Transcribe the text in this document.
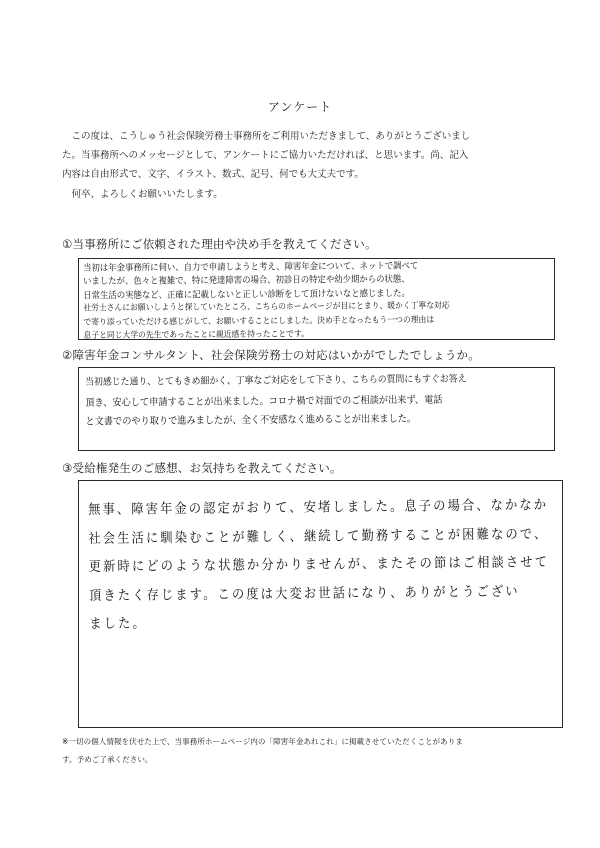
アンケート

この度は、こうしゅう社会保険労務士事務所をご利用いただきまして、ありがとうございまし

た。当事務所へのメッセージとして、アンケートにご協力いただければ、と思います。尚、記入

内容は自由形式で、文字、イラスト、数式、記号、何でも大丈夫です。

何卒、よろしくお願いいたします。

①当事務所にご依頼された理由や決め手を教えてください。
当初は年金事務所に伺い、自力で申請しようと考え、障害年金について、ネットで調べて
いましたが、色々と複雑で、特に発達障害の場合、初診日の特定や幼少期からの状態、
日常生活の実態など、正確に記載しないと正しい診断をして頂けないなと感じました。
社労士さんにお願いしようと探していたところ、こちらのホームページが目にとまり、暖かく丁寧な対応
で寄り添っていただける感じがして、お願いすることにしました。決め手となったもう一つの理由は
息子と同じ大学の先生であったことに親近感を持ったことです。
②障害年金コンサルタント、社会保険労務士の対応はいかがでしたでしょうか。
当初感じた通り、とてもきめ細かく、丁寧なご対応をして下さり、こちらの質問にもすぐお答え
頂き、安心して申請することが出来ました。コロナ禍で対面でのご相談が出来ず、電話
と文書でのやり取りで進みましたが、全く不安感なく進めることが出来ました。
③受給権発生のご感想、お気持ちを教えてください。
無事、障害年金の認定がおりて、安堵しました。息子の場合、なかなか
社会生活に馴染むことが難しく、継続して勤務することが困難なので、
更新時にどのような状態か分かりませんが、またその節はご相談させて
頂きたく存じます。この度は大変お世話になり、ありがとうござい
ました。
※一切の個人情報を伏せた上で、当事務所ホームページ内の「障害年金あれこれ」に掲載させていただくことがありま
す。予めご了承ください。
